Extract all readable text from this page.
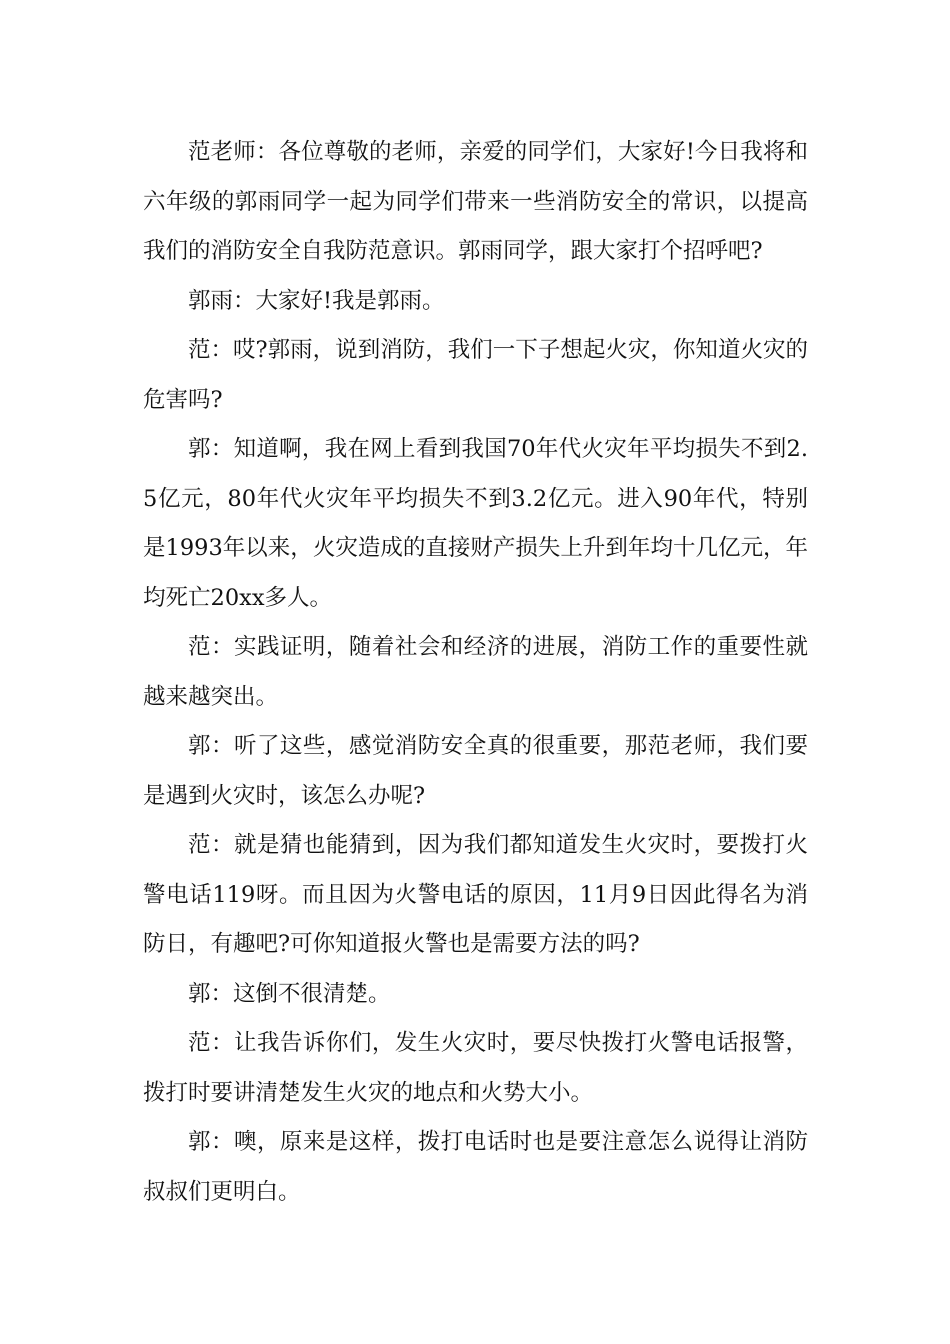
范老师：各位尊敬的老师，亲爱的同学们，大家好!今日我将和六年级的郭雨同学一起为同学们带来一些消防安全的常识，以提高我们的消防安全自我防范意识。郭雨同学，跟大家打个招呼吧?

郭雨：大家好!我是郭雨。

范：哎?郭雨，说到消防，我们一下子想起火灾，你知道火灾的危害吗?

郭：知道啊，我在网上看到我国70年代火灾年平均损失不到2.5亿元，80年代火灾年平均损失不到3.2亿元。进入90年代，特别是1993年以来，火灾造成的直接财产损失上升到年均十几亿元，年均死亡20xx多人。

范：实践证明，随着社会和经济的进展，消防工作的重要性就越来越突出。

郭：听了这些，感觉消防安全真的很重要，那范老师，我们要是遇到火灾时，该怎么办呢?

范：就是猜也能猜到，因为我们都知道发生火灾时，要拨打火警电话119呀。而且因为火警电话的原因，11月9日因此得名为消防日，有趣吧?可你知道报火警也是需要方法的吗?

郭：这倒不很清楚。

范：让我告诉你们，发生火灾时，要尽快拨打火警电话报警，拨打时要讲清楚发生火灾的地点和火势大小。

郭：噢，原来是这样，拨打电话时也是要注意怎么说得让消防叔叔们更明白。
